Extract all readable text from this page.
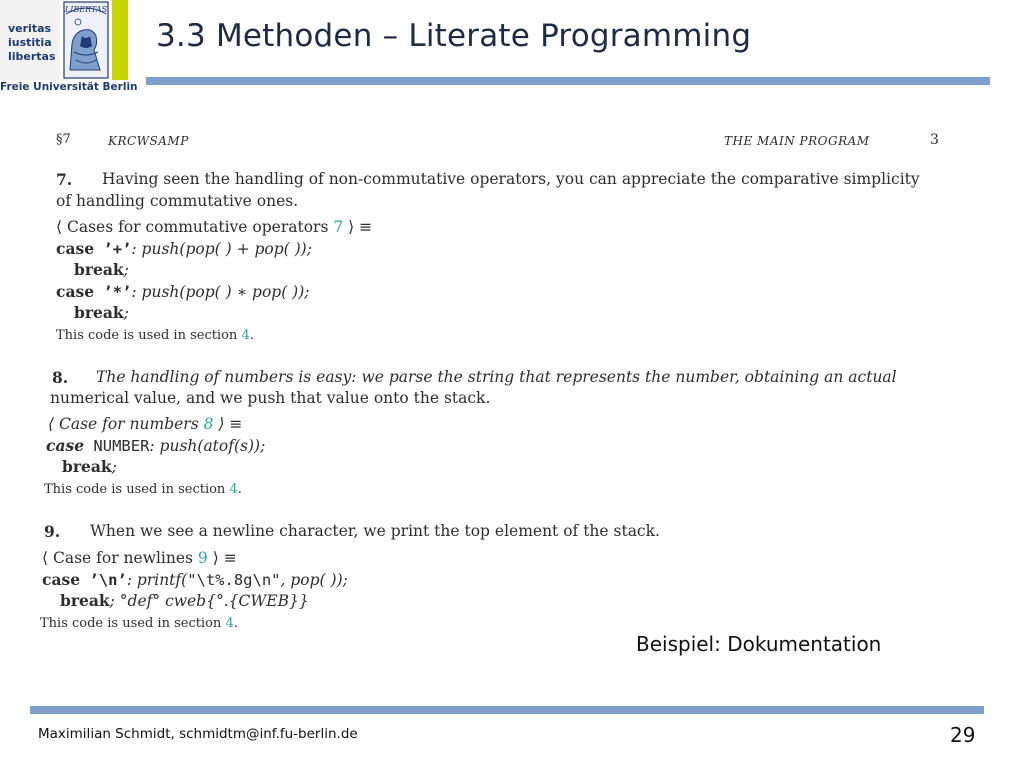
veritas
iustitia
libertas
LIBERTAS
Freie Universität Berlin
3.3 Methoden – Literate Programming
§7	KRCWSAMP	THE MAIN PROGRAM	3
7. Having seen the handling of non-commutative operators, you can appreciate the comparative simplicity
of handling commutative ones.
⟨ Cases for commutative operators 7 ⟩ ≡
case ’+’: push(pop( ) + pop( ));
break;
case ’*’: push(pop( ) ∗ pop( ));
break;
This code is used in section 4.
8. The handling of numbers is easy: we parse the string that represents the number, obtaining an actual
numerical value, and we push that value onto the stack.
⟨ Case for numbers 8 ⟩ ≡
case NUMBER: push(atof(s));
break;
This code is used in section 4.
9. When we see a newline character, we print the top element of the stack.
⟨ Case for newlines 9 ⟩ ≡
case ’\n’: printf("\t%.8g\n", pop( ));
break; °def° cweb{°.{CWEB}}
This code is used in section 4.
Beispiel: Dokumentation
Maximilian Schmidt, schmidtm@inf.fu-berlin.de	29
